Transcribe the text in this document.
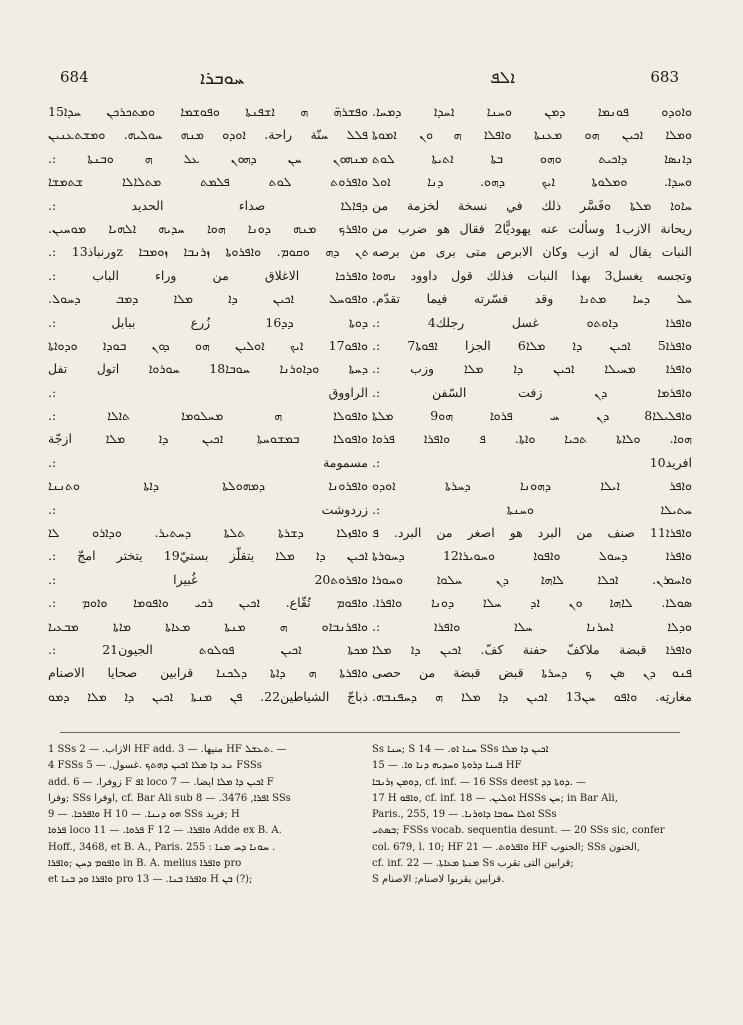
684	ܚܘܒܪܐ	ܐܠܦ	683
ܘܦܫܪܗ̈ ܗ ܐܫܦܢܬܐ ܘܦܘܫܡܐ ܘܡܬܟܪܟܢ ܚܕܐ15
ܦܠܠ ܚنّة راحة. ܐܘܕܘ ܡܢܗ ܚܘܠܝܗ. ܘܡܫܬܥܢܝܢ
ܡܢܗܘܢ ܚܢ ܕܗܘܢ ܥܠ ܗ ܘܒܢܬܐ :.
ܘܐܦܪܘܬ ܠܘܬ ܦܠܡܬ ܡܬܠܐܠܐ ܫܬܡܫܐ
ܕܦܐܠܐ صداء الحديد :.
ܘܐܦܪܟ ܡܢܗ ܕܘܢܐ ܗܘܐ ܚܕܝܗ ܐܠܗܝܐ ܡܘܚܝܢ.
ܬܢ ܕܗ ܘܩܘܡ. ܘܐܦܪܘܬܐ ܙܪܢܒܐ ܙܘܡܒܐ zورنباذ13 :.
ܘܐܦܪܟܐ الاغلاق من وراء الباب :.
ܘܐܦܘܚܠ ܐܟܝܢ ܕܐ ܡܠܐ ܕܡܒ ܕܚܘܠ.
ܕܘܬܐ ܕܕ16 زُرع ببابل :.
ܘܐܦܘ17 ܐܝܟ ܐܘܠܝܢ ܗܘ ܕܘܢ ܒܘܕܐ ܘܕܘܐܬܐ
ܕܚܬܐ ܘܕܐܘܪܢܐ ܚܘܒܐ18 ܚܘܪܘܐ اتول تفل
الراووق :.
ܘܐܦܘܠܐ ܗ ܡܚܠܘܡܐ ܬܐܠܐ :.
ܘܐܦܘܠܐ ܒܡܫܘܚܬܐ ܐܟܝܢ ܕܐ ܡܠܐ ازجّة
مسمومة :.
ܘܐܦܪܘܢܐ ܕܡܗܘܠܬܐ ܕܐܬܐ ܘܬܢܢܐ
زردوشت :.
ܘܐܦܙܠܐ ܕܫܪܬܐ ܬܠܬܐ ܕܚܬܝܪ. ܘܕܐܪܘ ܠܐ
ܐܟܝܢ ܕܐ ܡܠܐ يتقلّز بستيّ19 يتختر امجّ :.
ܘܐܦܪܘܬ20 غُبيرا :.
ܘܐܦܘܡ تُقّاع. ܐܟܝܢ ܪܟܝ ܘܐܦܘܡܐ ܘܐܘܡ :.
ܘܐܦܪܢܒܐܘ ܗ ܡܢܬܐ ܡܥܐܬܐ ܡܐܬܐ ܡܒܥܝܐ
ܡܟܬܐ ܐܟܝܢ ܦܘܠܘܬ الجيون21 :.
ܘܐܦܪܬܐ ܗ ܕܐܬܐ ܕܠܟܢܐ قرابين صحايا الاصنام
ذباجّ الشياطين22. ܦܢ ܡܢܬܐ ܐܟܝܢ ܕܐ ܡܠܐ ܕܡܘ
ܘܐܘܕܘ ܦܘܢܡܐ ܕܡܢ ܘܚܢܐ ܐܚܕܐ ܕܡܚܐ.
ܘܡܠܐ ܐܟܝܢ ܗܘ ܡܥܢܬܐ ܘܐܦܠܐ ܗ ܘܢ ܐܡܘܬܐ
ܕܐܢܣܐ ܕܐܟܝܬ ܘܗܘ ܒܬܐ ܐܬܝܬܐ ܠܘܬ
ܘܚܕܐ. ܘܡܠܘܬܐ ܐܝܟ ܕܗܘ. ܕܢܐ ܐܘܠ
ܚܐܘܐ ܡܠܬܐ ܘفَسَّر ذلك في نسخة لخزمة من
ريحانة الازب1 وسألت عنه يهوديًّا2 فقال هو ضرب من
النبات يقال له ازب وكان الابرص متى برى من برصه
وتجسه يغسل3 بهذا النبات فذلك قول داوود ܢܗܘܐ
ܚܠ ܕܚܐ ܡܬܢܐ وقد فسّرته فيما تقدّم.
ܘܐܦܪܐ ܕܐܘܬܘ غسل رجلك4 :.
ܘܐܦܪܐ5 ܐܟܝܢ ܕܐ ܡܠܐ6 الجزا ܐܦܘܬܐ7 :.
ܘܐܦܪܐ ܡܚܝܠܐ ܐܟܝܢ ܕܐ ܡܠܐ وزب :.
ܘܐܦܪܡܐ ܕܢ زفت السّفن :.
ܘܐܦܠܝܠܐ8 ܕܢ ܚ ܦܪܘܐ ܗܘ9 ܡܠܬܐ
ܗܘܐ. ܘܠܐܬܐ ܬܟܝܐ ܘܐܬܐ. ܦ ܘܐܦܪܐ ܦܪܘܐ
افريد10 :.
ܘܐܦܪ ܐܝܠܐ ܕܗܘܢܐ ܕܚܪܬܐ ܐܘܕܘ
ܚܬܝܠܐ ܘܚܢܬܐ :.
ܘܐܦܪܐ11 صنف من البرد هو اصغر من البرد. ܦ
ܘܐܦܪܐ ܕܚܘܠ ܘܐܦܘܐ ܘܚܘܝܪܐ12 ܕܚܘܪܬܐ
ܘܐܚܘܪܢ. ܐܟܠܐ ܠܐܗܐ ܕܢ ܚܠܘܐ ܘܚܘܪܐ
ܣܘܠܐ. ܠܐܗܐ ܘܢ ܐܕ ܚܠܐ ܕܘܢܐ ܘܐܦܪܐ.
ܘܕܠܐ ܐܚܪܢܐ ܚܠܐ ܘܐܦܪܐ :.
ܘܐܦܪܐ قبضة ملاكفّ حفنة كفّ. ܐܟܝܢ ܕܐ ܡܠܐ
ܦܢܘ ܕܢ ܣܢ ܟ ܕܚܪܬܐ قبض قبضة من حصى
مغارتِه. ܘܐܦܘ ܚܢ13 ܐܟܝܢ ܕܐ ܡܠܐ ܗ ܕܚܦܢܒܗ.
1 SSs الازاب. — 2 HF add. منيها. — 3 HF ܬܥܫܠ. —
4 FSSs ܢܥ ܕܐ ܡܠܐ ܐܟܝܢ ܕܗܬܟ .غسول. — 5 FSSs
add. زوفرا. — 6 F ܐܦ loco ܐܟܝܢ ܕܐ ܡܠܐ ايضا. — 7 F
وفرا; SSs اوفرا, cf. Bar Ali sub ܐܦܪܐ, 3476. — 8 SSs
ܘܐܦܪܟܐ. — 9 H ܗܘ ܕܢܢܐ. — 10 SSs فريد; H
ܦܪܘܐ loco ܦܪܘܐ. — 11 F ܘܐܦܪܐ. — 12 Adde ex B. A.
Hoff., 3468, et B. A., Paris. 255 : ܚܘܢܐ ܕܚ ܡܢܐ .
ܘܐܦܘܡ ܕܚܢ ;ܘܐܦܪܐ in B. A. melius ܘܐܦܪܐ pro
et ܘܐܦܪܐ ܘܕ ܒܢܐ pro ܘܐܦܪܐ ܒܢܐ. — 13 H ܒܢ (?);
Ss ܚܢܐ; S ܚܢܐ ܐܘ. — 14 SSs ܐܟܝܢ ܕܐ ܡܠܐ
ܦܝܢܐ ܕܪܘܬܐ ܘܚܕܝܗ ܕܢܐ ܘܐ. — 15 HF
ܕܘܡܢ ܙܪܢܒܐ, cf. inf. — 16 SSs deest ܕܘܬܐ ܕܕ. —
17 H ܘܐܦܘ, cf. inf. ܐܘܠܝܢ. — 18 HSSs ܚܢ; in Bar Ali,
Paris., 255, ܐܘܠܐ ܚܘܒܐ ܕܐܘܪܢܐ. — 19 SSs
ܒܣܬܝ; FSSs vocab. sequentia desunt. — 20 SSs sic, confer
col. 679, l. 10; HF ܘܐܦܪܘܬ. — 21 HF الجنوب; SSs الحنون,
cf. inf. ܡܢܬܐ ܡܥܐܬܐ. — 22 Ss قرابين التى تقرب;
S قرابين يقربوا لاصنام; الاصنام.
